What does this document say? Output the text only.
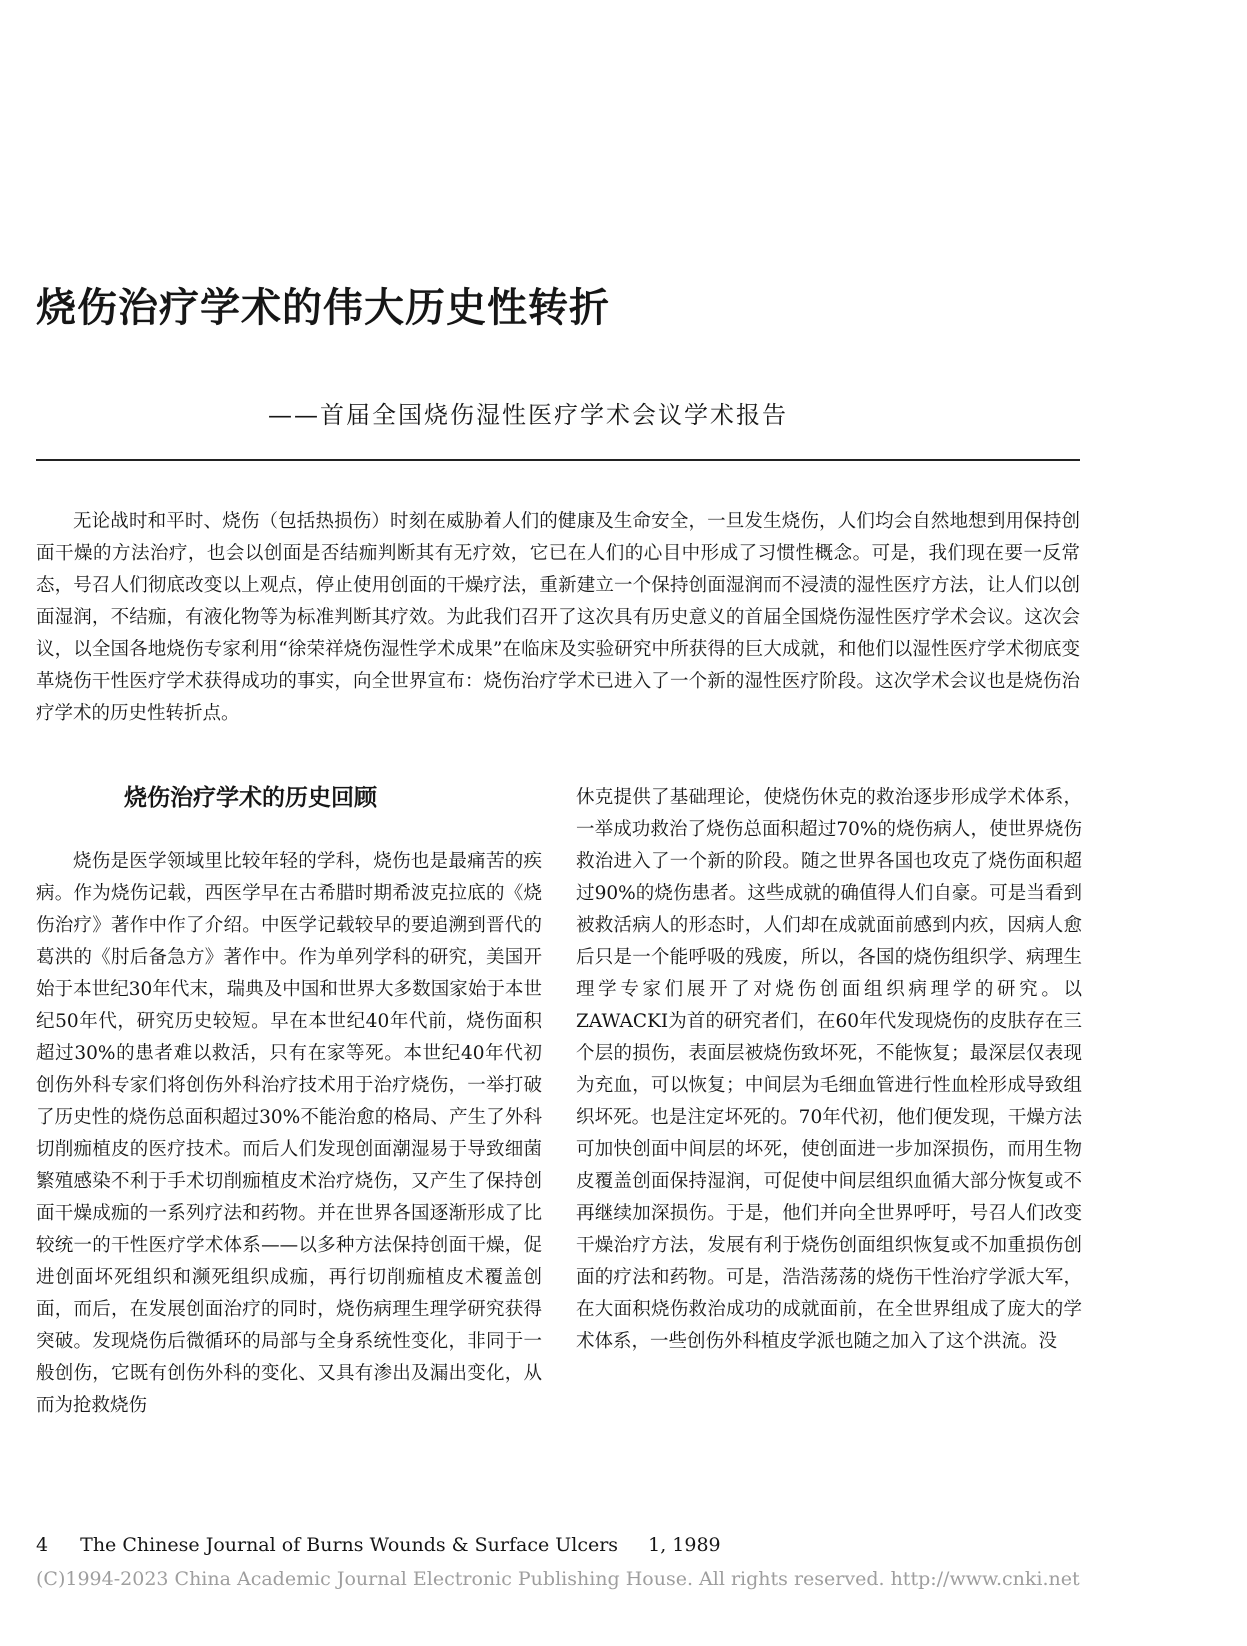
烧伤治疗学术的伟大历史性转折
——首届全国烧伤湿性医疗学术会议学术报告

无论战时和平时、烧伤（包括热损伤）时刻在威胁着人们的健康及生命安全，一旦发生烧伤，人们均会自然地想到用保持创面干燥的方法治疗，也会以创面是否结痂判断其有无疗效，它已在人们的心目中形成了习惯性概念。可是，我们现在要一反常态，号召人们彻底改变以上观点，停止使用创面的干燥疗法，重新建立一个保持创面湿润而不浸渍的湿性医疗方法，让人们以创面湿润，不结痂，有液化物等为标准判断其疗效。为此我们召开了这次具有历史意义的首届全国烧伤湿性医疗学术会议。这次会议，以全国各地烧伤专家利用“徐荣祥烧伤湿性学术成果”在临床及实验研究中所获得的巨大成就，和他们以湿性医疗学术彻底变革烧伤干性医疗学术获得成功的事实，向全世界宣布：烧伤治疗学术已进入了一个新的湿性医疗阶段。这次学术会议也是烧伤治疗学术的历史性转折点。

烧伤治疗学术的历史回顾

烧伤是医学领域里比较年轻的学科，烧伤也是最痛苦的疾病。作为烧伤记载，西医学早在古希腊时期希波克拉底的《烧伤治疗》著作中作了介绍。中医学记载较早的要追溯到晋代的葛洪的《肘后备急方》著作中。作为单列学科的研究，美国开始于本世纪30年代末，瑞典及中国和世界大多数国家始于本世纪50年代，研究历史较短。早在本世纪40年代前，烧伤面积超过30%的患者难以救活，只有在家等死。本世纪40年代初创伤外科专家们将创伤外科治疗技术用于治疗烧伤，一举打破了历史性的烧伤总面积超过30%不能治愈的格局、产生了外科切削痂植皮的医疗技术。而后人们发现创面潮湿易于导致细菌繁殖感染不利于手术切削痂植皮术治疗烧伤，又产生了保持创面干燥成痂的一系列疗法和药物。并在世界各国逐渐形成了比较统一的干性医疗学术体系——以多种方法保持创面干燥，促进创面坏死组织和濒死组织成痂，再行切削痂植皮术覆盖创面，而后，在发展创面治疗的同时，烧伤病理生理学研究获得突破。发现烧伤后微循环的局部与全身系统性变化，非同于一般创伤，它既有创伤外科的变化、又具有渗出及漏出变化，从而为抢救烧伤

休克提供了基础理论，使烧伤休克的救治逐步形成学术体系，一举成功救治了烧伤总面积超过70%的烧伤病人，使世界烧伤救治进入了一个新的阶段。随之世界各国也攻克了烧伤面积超过90%的烧伤患者。这些成就的确值得人们自豪。可是当看到被救活病人的形态时，人们却在成就面前感到内疚，因病人愈后只是一个能呼吸的残废，所以，各国的烧伤组织学、病理生理学专家们展开了对烧伤创面组织病理学的研究。以ZAWACKI为首的研究者们，在60年代发现烧伤的皮肤存在三个层的损伤，表面层被烧伤致坏死，不能恢复；最深层仅表现为充血，可以恢复；中间层为毛细血管进行性血栓形成导致组织坏死。也是注定坏死的。70年代初，他们便发现，干燥方法可加快创面中间层的坏死，使创面进一步加深损伤，而用生物皮覆盖创面保持湿润，可促使中间层组织血循大部分恢复或不再继续加深损伤。于是，他们并向全世界呼吁，号召人们改变干燥治疗方法，发展有利于烧伤创面组织恢复或不加重损伤创面的疗法和药物。可是，浩浩荡荡的烧伤干性治疗学派大军，在大面积烧伤救治成功的成就面前，在全世界组成了庞大的学术体系，一些创伤外科植皮学派也随之加入了这个洪流。没

4 The Chinese Journal of Burns Wounds & Surface Ulcers 1, 1989
(C)1994-2023 China Academic Journal Electronic Publishing House. All rights reserved. http://www.cnki.net
